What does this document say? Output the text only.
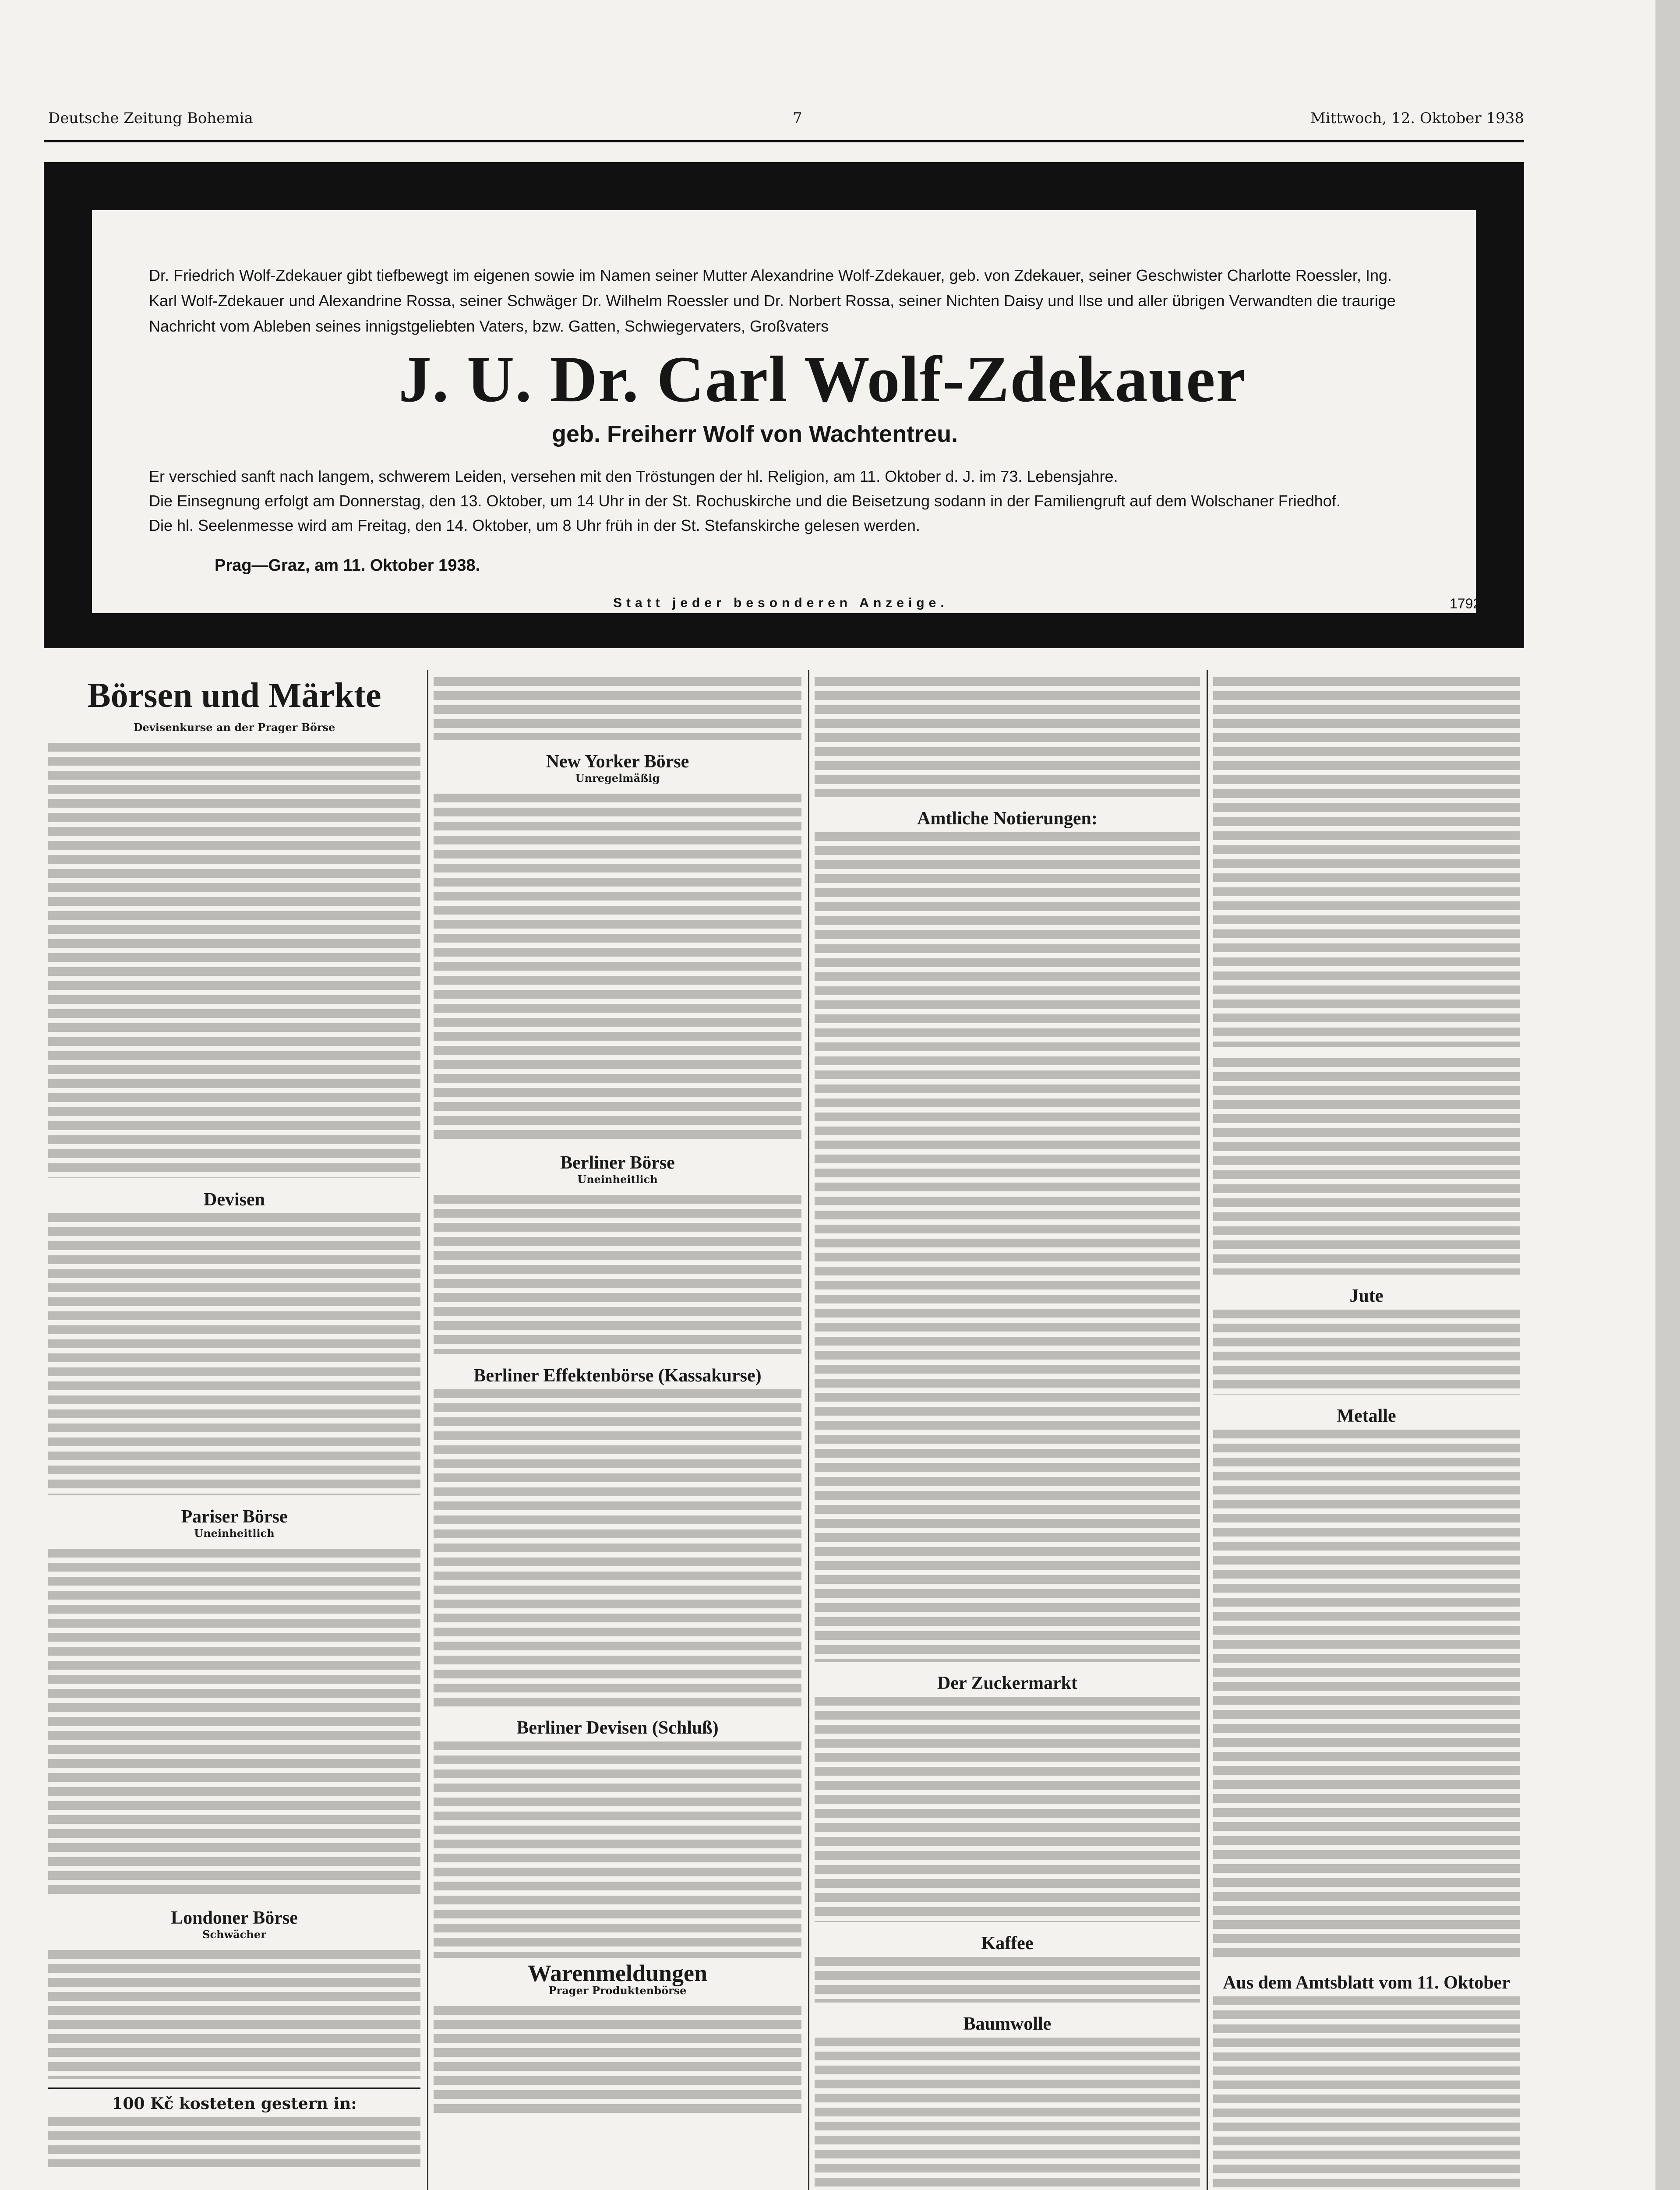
Deutsche Zeitung Bohemia	7	Mittwoch, 12. Oktober 1938
Dr. Friedrich Wolf-Zdekauer gibt tiefbewegt im eigenen sowie im Namen seiner Mutter Alexandrine Wolf-Zdekauer, geb. von Zdekauer, seiner Geschwister Charlotte Roessler, Ing. Karl Wolf-Zdekauer und Alexandrine Rossa, seiner Schwäger Dr. Wilhelm Roessler und Dr. Norbert Rossa, seiner Nichten Daisy und Ilse und aller übrigen Verwandten die traurige Nachricht vom Ableben seines innigstgeliebten Vaters, bzw. Gatten, Schwiegervaters, Großvaters
J. U. Dr. Carl Wolf-Zdekauer
geb. Freiherr Wolf von Wachtentreu.

Er verschied sanft nach langem, schwerem Leiden, versehen mit den Tröstungen der hl. Religion, am 11. Oktober d. J. im 73. Lebensjahre.

Die Einsegnung erfolgt am Donnerstag, den 13. Oktober, um 14 Uhr in der St. Rochuskirche und die Beisetzung sodann in der Familiengruft auf dem Wolschaner Friedhof.

Die hl. Seelenmesse wird am Freitag, den 14. Oktober, um 8 Uhr früh in der St. Stefanskirche gelesen werden.

Prag—Graz, am 11. Oktober 1938.
Statt jeder besonderen Anzeige.	1792
Börsen und Märkte
Devisenkurse an der Prager Börse
Devisen
Pariser Börse
Uneinheitlich
Londoner Börse
Schwächer
100 Kč kosteten gestern in:
New Yorker Börse
Unregelmäßig
Berliner Börse
Uneinheitlich
Berliner Effektenbörse (Kassakurse)
Berliner Devisen (Schluß)
Warenmeldungen
Prager Produktenbörse
Amtliche Notierungen:
Der Zuckermarkt
Kaffee
Baumwolle
Jute
Metalle
Aus dem Amtsblatt vom 11. Oktober
